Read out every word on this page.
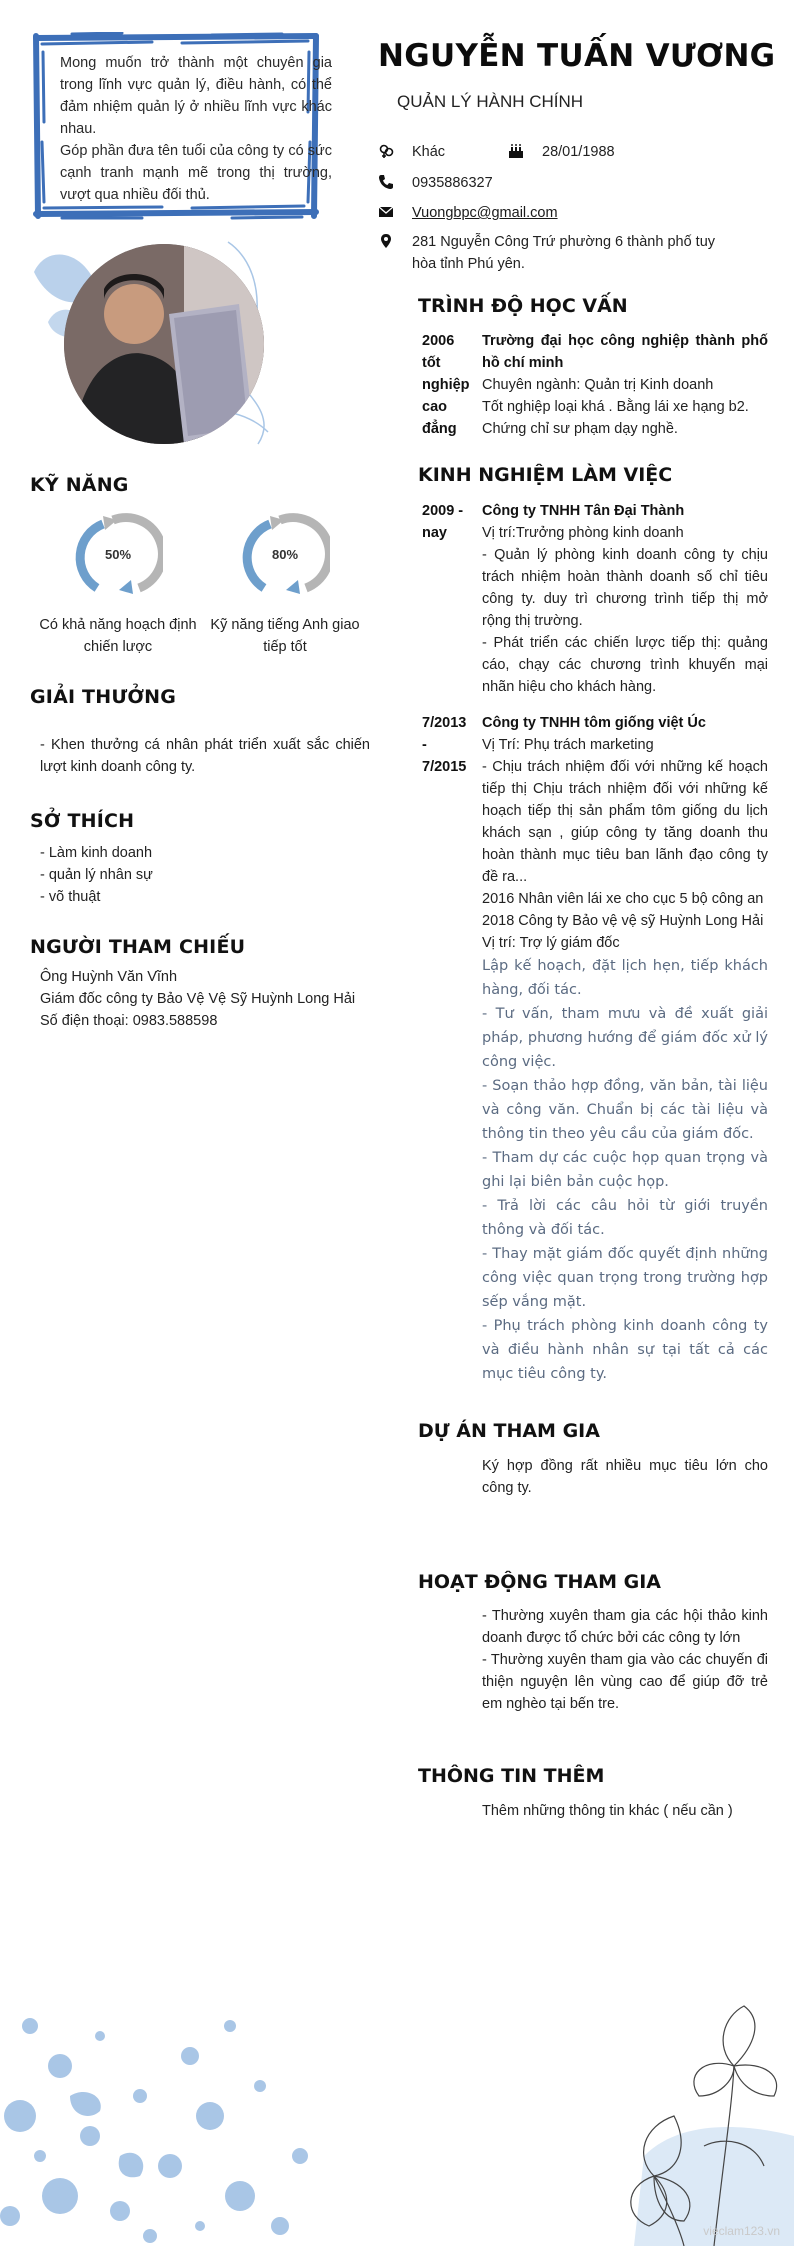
Mong muốn trở thành một chuyên gia trong lĩnh vực quản lý, điều hành, có thể đảm nhiệm quản lý ở nhiều lĩnh vực khác nhau.
Góp phần đưa tên tuổi của công ty có sức cạnh tranh mạnh mẽ trong thị trường, vượt qua nhiều đối thủ.
KỸ NĂNG
50%
Có khả năng hoạch định
chiến lược
80%
Kỹ năng tiếng Anh giao
tiếp tốt
GIẢI THƯỞNG
- Khen thưởng cá nhân phát triển xuất sắc chiến lượt kinh doanh công ty.
SỞ THÍCH
- Làm kinh doanh
- quản lý nhân sự
- võ thuật
NGƯỜI THAM CHIẾU
Ông Huỳnh Văn Vĩnh
Giám đốc công ty Bảo Vệ Vệ Sỹ Huỳnh Long Hải
Số điện thoại: 0983.588598
NGUYỄN TUẤN VƯƠNG
QUẢN LÝ HÀNH CHÍNH
Khác	28/01/1988
0935886327
Vuongbpc@gmail.com
281 Nguyễn Công Trứ phường 6 thành phố tuy
hòa tỉnh Phú yên.
TRÌNH ĐỘ HỌC VẤN
2006
tốt
nghiệp
cao
đẳng

Trường đại học công nghiệp thành phố hồ chí minh

Chuyên ngành: Quản trị Kinh doanh

Tốt nghiệp loại khá . Bằng lái xe hạng b2.

Chứng chỉ sư phạm dạy nghề.

KINH NGHIỆM LÀM VIỆC
2009 -
nay

Công ty TNHH Tân Đại Thành

Vị trí:Trưởng phòng kinh doanh

- Quản lý phòng kinh doanh công ty chịu trách nhiệm hoàn thành doanh số chỉ tiêu công ty. duy trì chương trình tiếp thị mở rộng thị trường.

- Phát triển các chiến lược tiếp thị: quảng cáo, chạy các chương trình khuyến mại nhãn hiệu cho khách hàng.

7/2013
-
7/2015

Công ty TNHH tôm giống việt Úc

Vị Trí: Phụ trách marketing

- Chịu trách nhiệm đối với những kế hoạch tiếp thị Chịu trách nhiệm đối với những kế hoạch tiếp thị sản phẩm tôm giống du lịch khách sạn , giúp công ty tăng doanh thu hoàn thành mục tiêu ban lãnh đạo công ty đề ra...

2016 Nhân viên lái xe cho cục 5 bộ công an

2018 Công ty Bảo vệ vệ sỹ Huỳnh Long Hải

Vị trí: Trợ lý giám đốc

Lập kế hoạch, đặt lịch hẹn, tiếp khách hàng, đối tác.

- Tư vấn, tham mưu và đề xuất giải pháp, phương hướng để giám đốc xử lý công việc.

- Soạn thảo hợp đồng, văn bản, tài liệu và công văn. Chuẩn bị các tài liệu và thông tin theo yêu cầu của giám đốc.

- Tham dự các cuộc họp quan trọng và ghi lại biên bản cuộc họp.

- Trả lời các câu hỏi từ giới truyền thông và đối tác.

- Thay mặt giám đốc quyết định những công việc quan trọng trong trường hợp sếp vắng mặt.

- Phụ trách phòng kinh doanh công ty và điều hành nhân sự tại tất cả các mục tiêu công ty.

DỰ ÁN THAM GIA
Ký hợp đồng rất nhiều mục tiêu lớn cho công ty.
HOẠT ĐỘNG THAM GIA

- Thường xuyên tham gia các hội thảo kinh doanh được tổ chức bởi các công ty lớn

- Thường xuyên tham gia vào các chuyến đi thiện nguyện lên vùng cao để giúp đỡ trẻ em nghèo tại bến tre.

THÔNG TIN THÊM
Thêm những thông tin khác ( nếu cần )
vieclam123.vn
